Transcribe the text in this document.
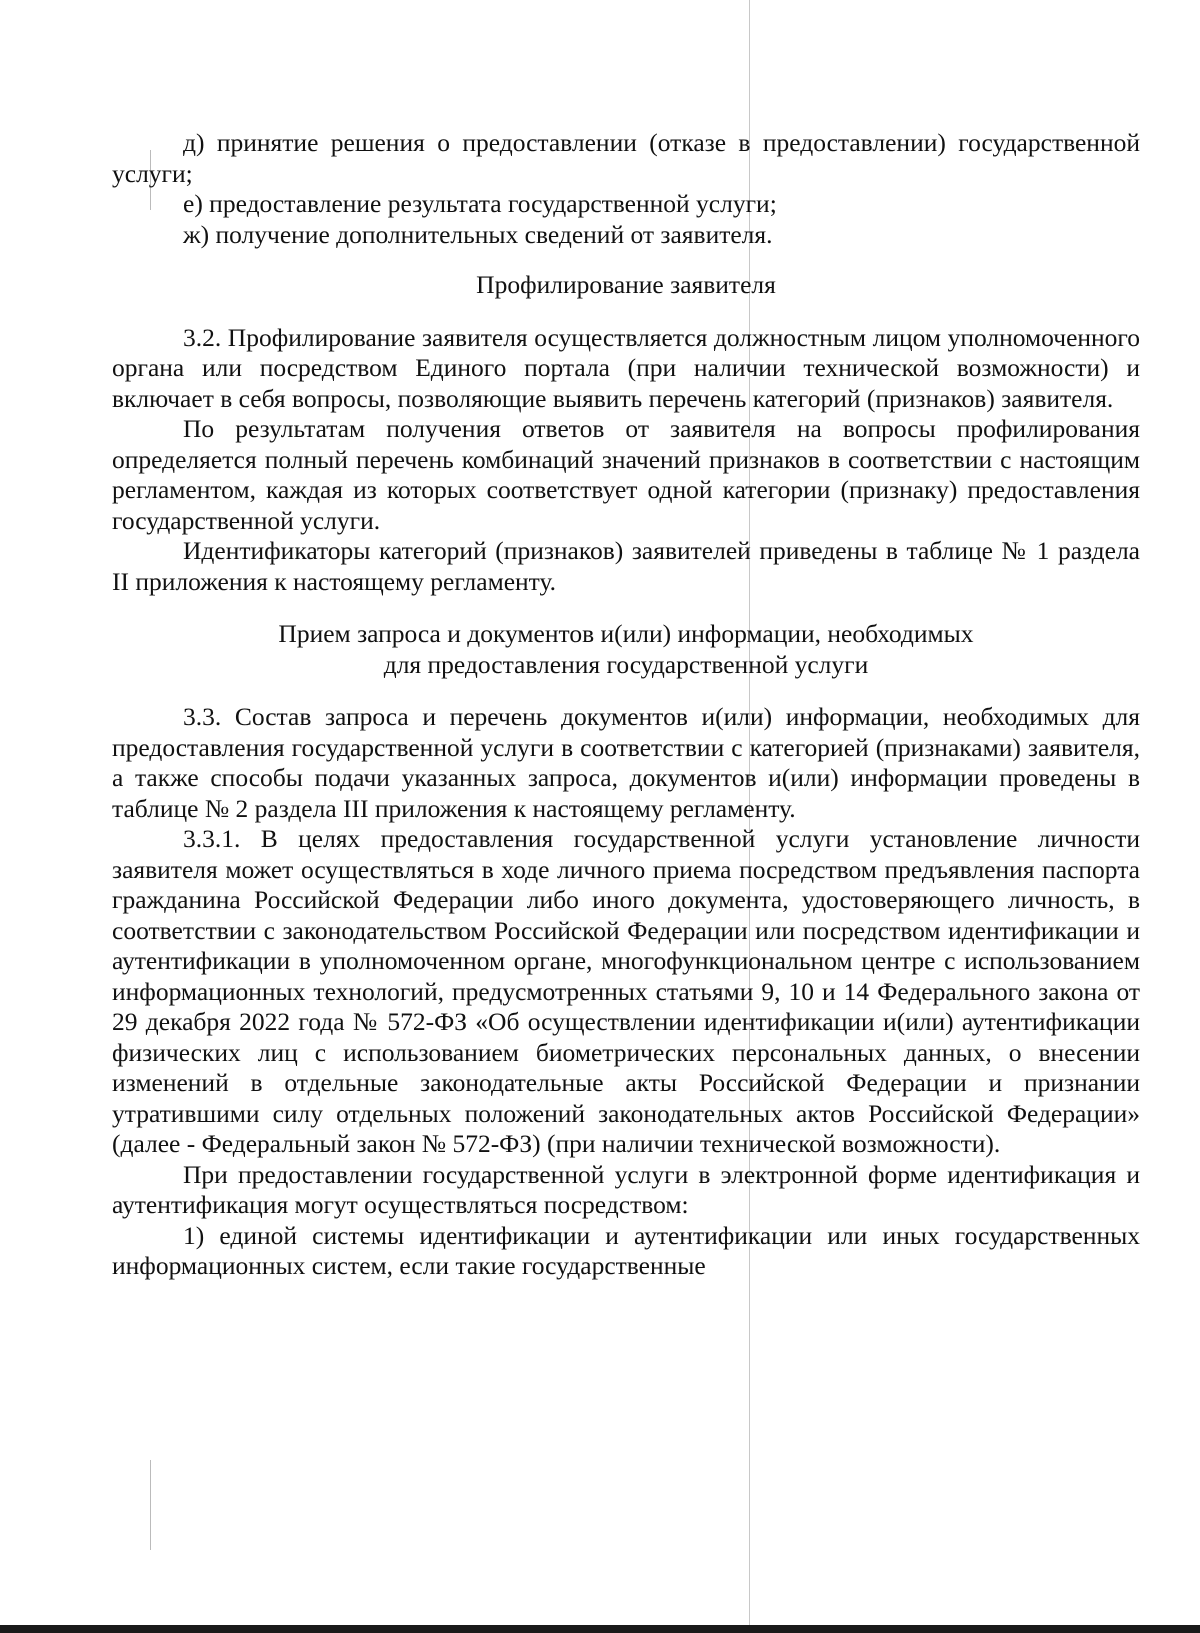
д) принятие решения о предоставлении (отказе в предоставлении) государственной услуги;

е) предоставление результата государственной услуги;

ж) получение дополнительных сведений от заявителя.

Профилирование заявителя

3.2. Профилирование заявителя осуществляется должностным лицом уполномоченного органа или посредством Единого портала (при наличии технической возможности) и включает в себя вопросы, позволяющие выявить перечень категорий (признаков) заявителя.

По результатам получения ответов от заявителя на вопросы профилирования определяется полный перечень комбинаций значений признаков в соответствии с настоящим регламентом, каждая из которых соответствует одной категории (признаку) предоставления государственной услуги.

Идентификаторы категорий (признаков) заявителей приведены в таблице № 1 раздела II приложения к настоящему регламенту.

Прием запроса и документов и(или) информации, необходимых

для предоставления государственной услуги

3.3. Состав запроса и перечень документов и(или) информации, необходимых для предоставления государственной услуги в соответствии с категорией (признаками) заявителя, а также способы подачи указанных запроса, документов и(или) информации проведены в таблице № 2 раздела III приложения к настоящему регламенту.

3.3.1. В целях предоставления государственной услуги установление личности заявителя может осуществляться в ходе личного приема посредством предъявления паспорта гражданина Российской Федерации либо иного документа, удостоверяющего личность, в соответствии с законодательством Российской Федерации или посредством идентификации и аутентификации в уполномоченном органе, многофункциональном центре с использованием информационных технологий, предусмотренных статьями 9, 10 и 14 Федерального закона от 29 декабря 2022 года № 572-ФЗ «Об осуществлении идентификации и(или) аутентификации физических лиц с использованием биометрических персональных данных, о внесении изменений в отдельные законодательные акты Российской Федерации и признании утратившими силу отдельных положений законодательных актов Российской Федерации» (далее - Федеральный закон № 572-ФЗ) (при наличии технической возможности).

При предоставлении государственной услуги в электронной форме идентификация и аутентификация могут осуществляться посредством:

1) единой системы идентификации и аутентификации или иных государственных информационных систем, если такие государственные
